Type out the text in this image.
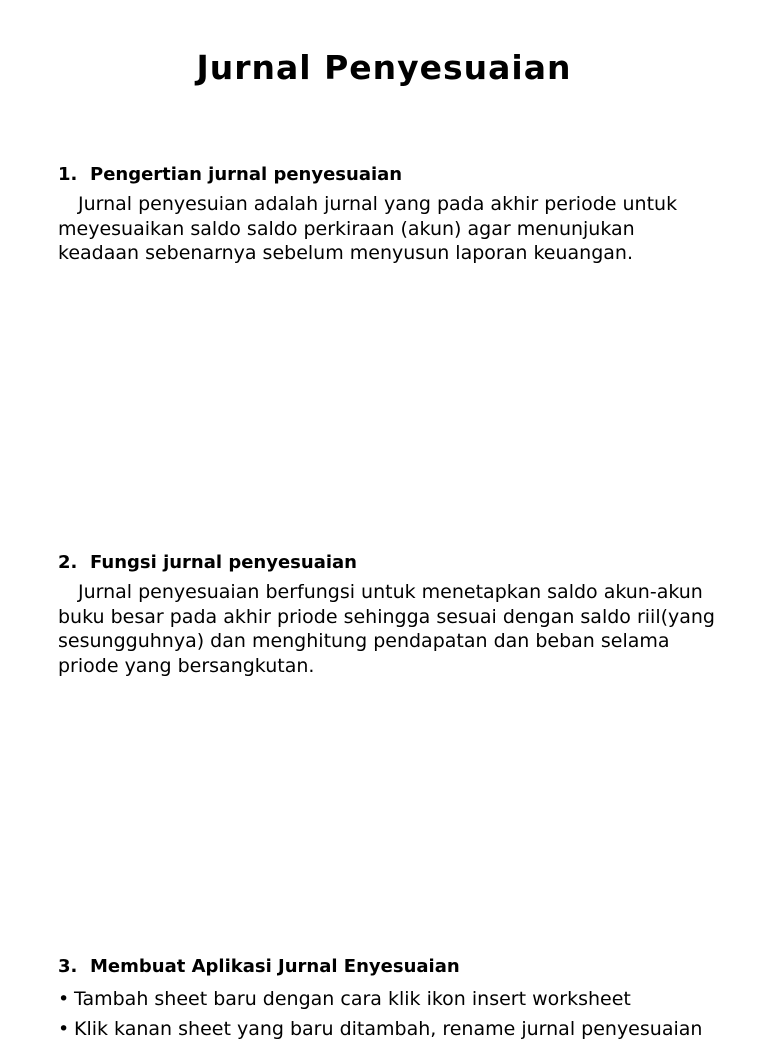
Jurnal Penyesuaian
1. Pengertian jurnal penyesuaian

Jurnal penyesuian adalah jurnal yang pada akhir periode untuk meyesuaikan saldo saldo perkiraan (akun) agar menunjukan keadaan sebenarnya sebelum menyusun laporan keuangan.

2. Fungsi jurnal penyesuaian

Jurnal penyesuaian berfungsi untuk menetapkan saldo akun-akun buku besar pada akhir priode sehingga sesuai dengan saldo riil(yang sesungguhnya) dan menghitung pendapatan dan beban selama priode yang bersangkutan.

3. Membuat Aplikasi Jurnal Enyesuaian
• Tambah sheet baru dengan cara klik ikon insert worksheet
• Klik kanan sheet yang baru ditambah, rename jurnal penyesuaian
